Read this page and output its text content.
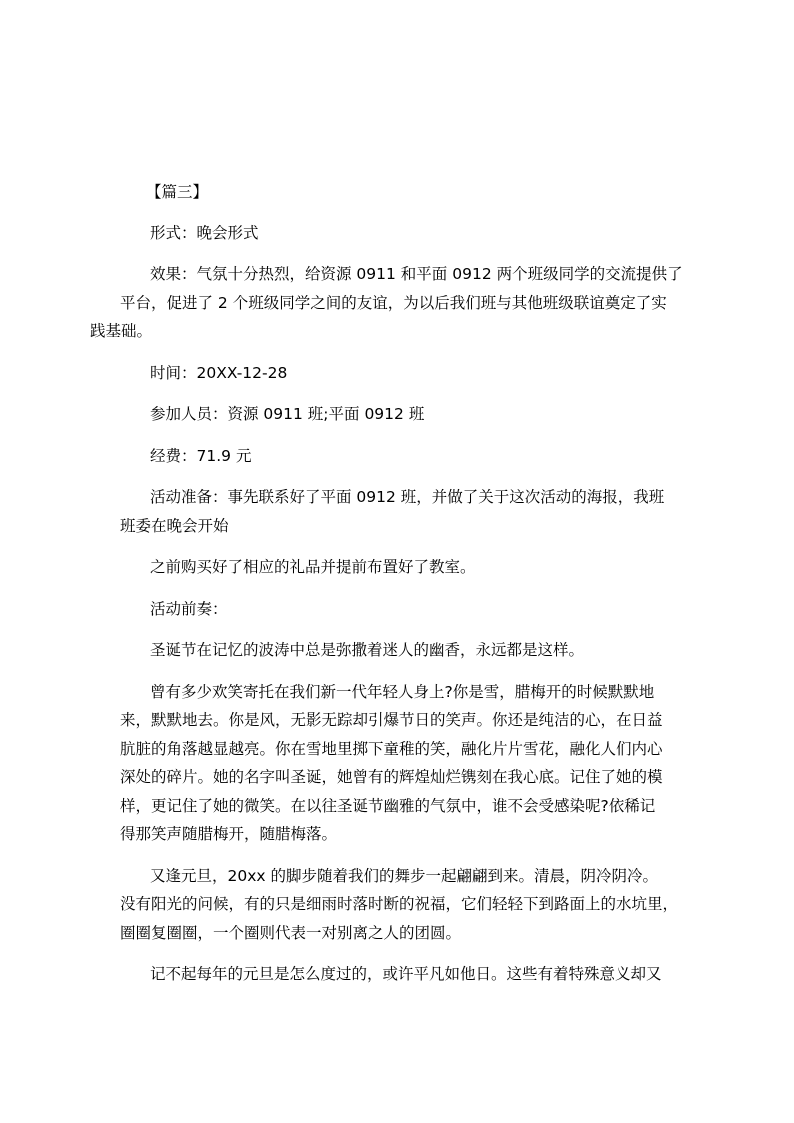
【篇三】

形式：晚会形式

效果：气氛十分热烈，给资源 0911 和平面 0912 两个班级同学的交流提供了
平台，促进了 2 个班级同学之间的友谊，为以后我们班与其他班级联谊奠定了实
践基础。

时间：20XX-12-28

参加人员：资源 0911 班;平面 0912 班

经费：71.9 元

活动准备：事先联系好了平面 0912 班，并做了关于这次活动的海报，我班
班委在晚会开始

之前购买好了相应的礼品并提前布置好了教室。

活动前奏：

圣诞节在记忆的波涛中总是弥撒着迷人的幽香，永远都是这样。

曾有多少欢笑寄托在我们新一代年轻人身上?你是雪，腊梅开的时候默默地
来，默默地去。你是风，无影无踪却引爆节日的笑声。你还是纯洁的心，在日益
肮脏的角落越显越亮。你在雪地里掷下童稚的笑，融化片片雪花，融化人们内心
深处的碎片。她的名字叫圣诞，她曾有的辉煌灿烂镌刻在我心底。记住了她的模
样，更记住了她的微笑。在以往圣诞节幽雅的气氛中，谁不会受感染呢?依稀记
得那笑声随腊梅开，随腊梅落。

又逢元旦，20xx 的脚步随着我们的舞步一起翩翩到来。清晨，阴冷阴冷。
没有阳光的问候，有的只是细雨时落时断的祝福，它们轻轻下到路面上的水坑里，
圈圈复圈圈，一个圈则代表一对别离之人的团圆。

记不起每年的元旦是怎么度过的，或许平凡如他日。这些有着特殊意义却又
